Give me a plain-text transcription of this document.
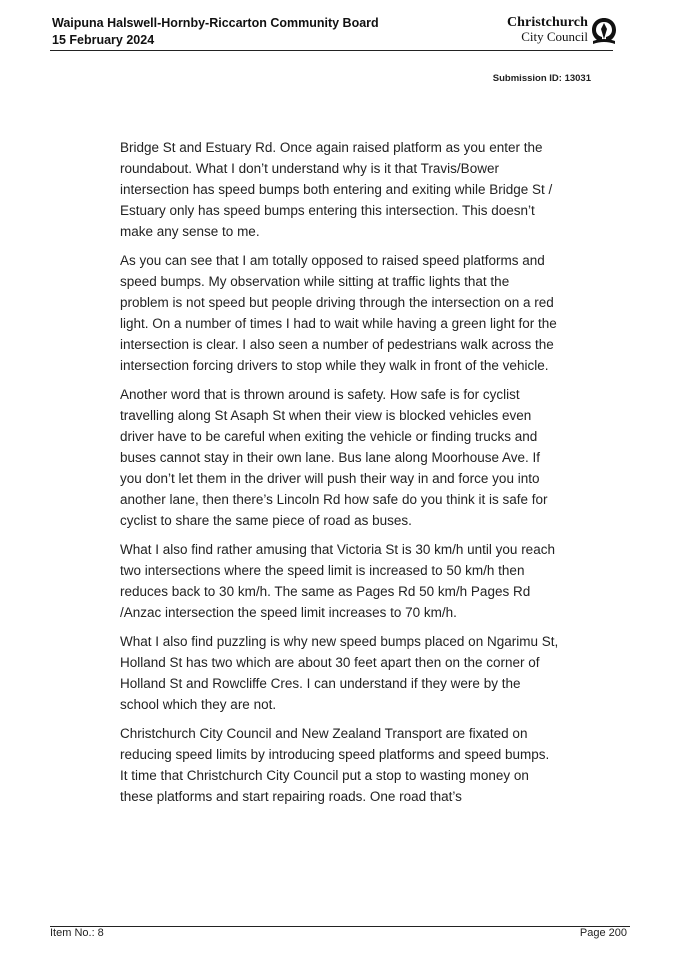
Waipuna Halswell-Hornby-Riccarton Community Board
15 February 2024
Christchurch
City Council
Submission ID: 13031

Bridge St and Estuary Rd. Once again raised platform as you enter the roundabout. What I don’t understand why is it that Travis/Bower intersection has speed bumps both entering and exiting while Bridge St / Estuary only has speed bumps entering this intersection. This doesn’t make any sense to me.

As you can see that I am totally opposed to raised speed platforms and speed bumps. My observation while sitting at traffic lights that the problem is not speed but people driving through the intersection on a red light. On a number of times I had to wait while having a green light for the intersection is clear. I also seen a number of pedestrians walk across the intersection forcing drivers to stop while they walk in front of the vehicle.

Another word that is thrown around is safety. How safe is for cyclist travelling along St Asaph St when their view is blocked vehicles even driver have to be careful when exiting the vehicle or finding trucks and buses cannot stay in their own lane. Bus lane along Moorhouse Ave. If you don’t let them in the driver will push their way in and force you into another lane, then there’s Lincoln Rd how safe do you think it is safe for cyclist to share the same piece of road as buses.

What I also find rather amusing that Victoria St is 30 km/h until you reach two intersections where the speed limit is increased to 50 km/h then reduces back to 30 km/h. The same as Pages Rd 50 km/h Pages Rd /Anzac intersection the speed limit increases to 70 km/h.

What I also find puzzling is why new speed bumps placed on Ngarimu St, Holland St has two which are about 30 feet apart then on the corner of Holland St and Rowcliffe Cres. I can understand if they were by the school which they are not.

Christchurch City Council and New Zealand Transport are fixated on reducing speed limits by introducing speed platforms and speed bumps. It time that Christchurch City Council put a stop to wasting money on these platforms and start repairing roads. One road that’s

Item No.: 8	Page 200
